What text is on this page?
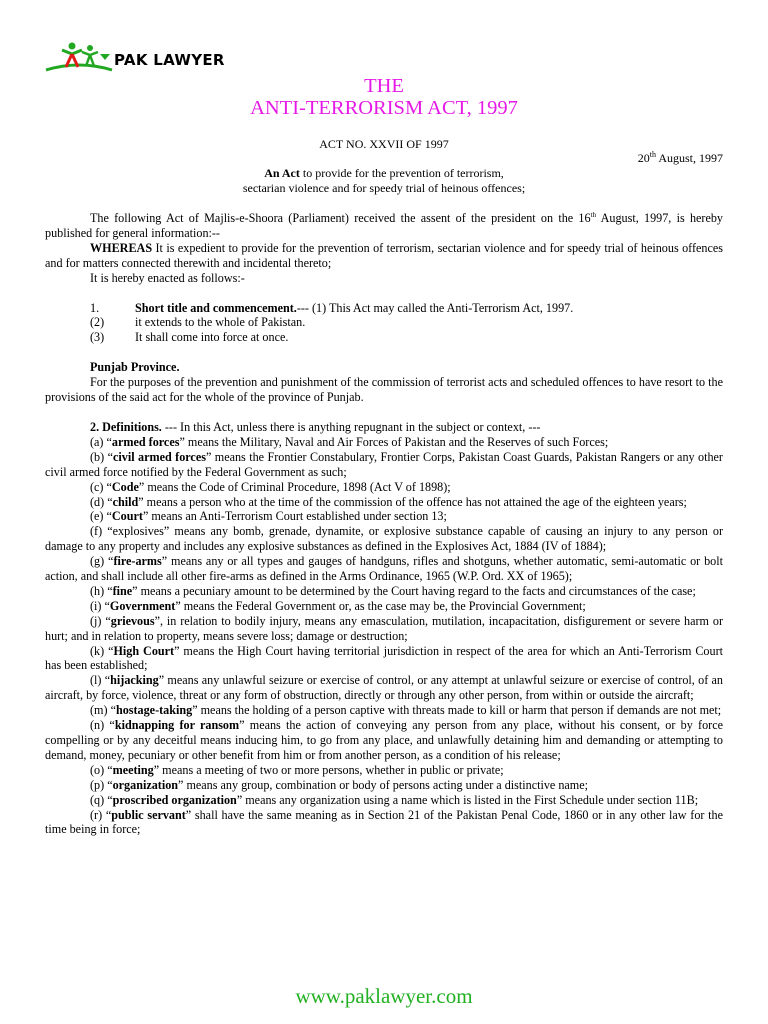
PAK LAWYER
THE
ANTI-TERRORISM ACT, 1997
ACT NO. XXVII OF 1997
20th August, 1997
An Act to provide for the prevention of terrorism,
sectarian violence and for speedy trial of heinous offences;

The following Act of Majlis-e-Shoora (Parliament) received the assent of the president on the 16th August, 1997, is hereby published for general information:--

WHEREAS It is expedient to provide for the prevention of terrorism, sectarian violence and for speedy trial of heinous offences and for matters connected therewith and incidental thereto;

It is hereby enacted as follows:-

1.	Short title and commencement.--- (1) This Act may called the Anti-Terrorism Act, 1997.
(2)	it extends to the whole of Pakistan.
(3)	It shall come into force at once.

Punjab Province.

For the purposes of the prevention and punishment of the commission of terrorist acts and scheduled offences to have resort to the provisions of the said act for the whole of the province of Punjab.

2. Definitions. --- In this Act, unless there is anything repugnant in the subject or context, ---

(a) “armed forces” means the Military, Naval and Air Forces of Pakistan and the Reserves of such Forces;

(b) “civil armed forces” means the Frontier Constabulary, Frontier Corps, Pakistan Coast Guards, Pakistan Rangers or any other civil armed force notified by the Federal Government as such;

(c) “Code” means the Code of Criminal Procedure, 1898 (Act V of 1898);

(d) “child” means a person who at the time of the commission of the offence has not attained the age of the eighteen years;

(e) “Court” means an Anti-Terrorism Court established under section 13;

(f) “explosives” means any bomb, grenade, dynamite, or explosive substance capable of causing an injury to any person or damage to any property and includes any explosive substances as defined in the Explosives Act, 1884 (IV of 1884);

(g) “fire-arms” means any or all types and gauges of handguns, rifles and shotguns, whether automatic, semi-automatic or bolt action, and shall include all other fire-arms as defined in the Arms Ordinance, 1965 (W.P. Ord. XX of 1965);

(h) “fine” means a pecuniary amount to be determined by the Court having regard to the facts and circumstances of the case;

(i) “Government” means the Federal Government or, as the case may be, the Provincial Government;

(j) “grievous”, in relation to bodily injury, means any emasculation, mutilation, incapacitation, disfigurement or severe harm or hurt; and in relation to property, means severe loss; damage or destruction;

(k) “High Court” means the High Court having territorial jurisdiction in respect of the area for which an Anti-Terrorism Court has been established;

(l) “hijacking” means any unlawful seizure or exercise of control, or any attempt at unlawful seizure or exercise of control, of an aircraft, by force, violence, threat or any form of obstruction, directly or through any other person, from within or outside the aircraft;

(m) “hostage-taking” means the holding of a person captive with threats made to kill or harm that person if demands are not met;

(n) “kidnapping for ransom” means the action of conveying any person from any place, without his consent, or by force compelling or by any deceitful means inducing him, to go from any place, and unlawfully detaining him and demanding or attempting to demand, money, pecuniary or other benefit from him or from another person, as a condition of his release;

(o) “meeting” means a meeting of two or more persons, whether in public or private;

(p) “organization” means any group, combination or body of persons acting under a distinctive name;

(q) “proscribed organization” means any organization using a name which is listed in the First Schedule under section 11B;

(r) “public servant” shall have the same meaning as in Section 21 of the Pakistan Penal Code, 1860 or in any other law for the time being in force;

www.paklawyer.com
